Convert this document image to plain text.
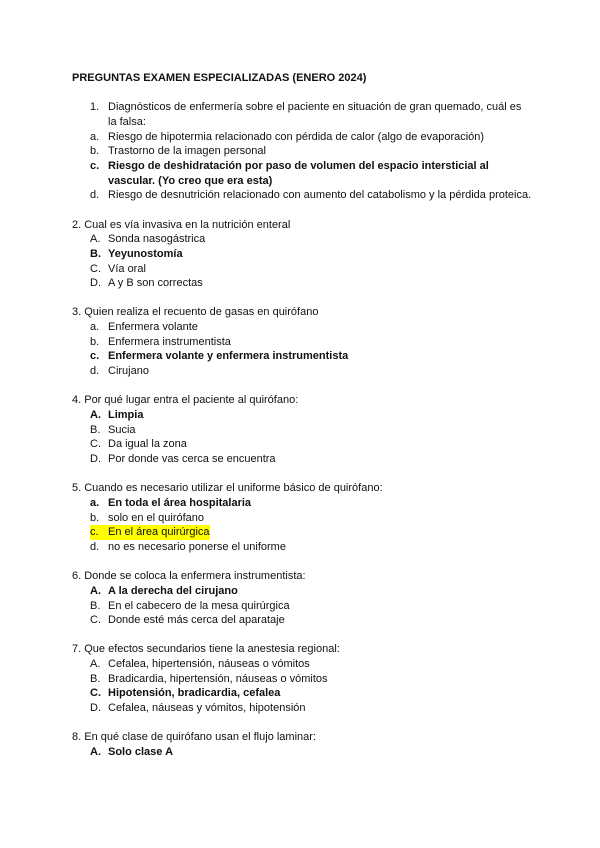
PREGUNTAS EXAMEN ESPECIALIZADAS (ENERO 2024)
1. Diagnósticos de enfermería sobre el paciente en situación de gran quemado, cuál es la falsa:
a. Riesgo de hipotermia relacionado con pérdida de calor (algo de evaporación)
b. Trastorno de la imagen personal
c. Riesgo de deshidratación por paso de volumen del espacio intersticial al vascular. (Yo creo que era esta)
d. Riesgo de desnutrición relacionado con aumento del catabolismo y la pérdida proteica.
2. Cual es vía invasiva en la nutrición enteral
A. Sonda nasogástrica
B. Yeyunostomía
C. Vía oral
D. A y B son correctas
3. Quien realiza el recuento de gasas en quirófano
a. Enfermera volante
b. Enfermera instrumentista
c. Enfermera volante y enfermera instrumentista
d. Cirujano
4. Por qué lugar entra el paciente al quirófano:
A. Limpia
B. Sucia
C. Da igual la zona
D. Por donde vas cerca se encuentra
5. Cuando es necesario utilizar el uniforme básico de quirófano:
a. En toda el área hospitalaria
b. solo en el quirófano
c. En el área quirúrgica
d. no es necesario ponerse el uniforme
6. Donde se coloca la enfermera instrumentista:
A. A la derecha del cirujano
B. En el cabecero de la mesa quirúrgica
C. Donde esté más cerca del aparataje
7. Que efectos secundarios tiene la anestesia regional:
A. Cefalea, hipertensión, náuseas o vómitos
B. Bradicardia, hipertensión, náuseas o vómitos
C. Hipotensión, bradicardia, cefalea
D. Cefalea, náuseas y vómitos, hipotensión
8. En qué clase de quirófano usan el flujo laminar:
A. Solo clase A
